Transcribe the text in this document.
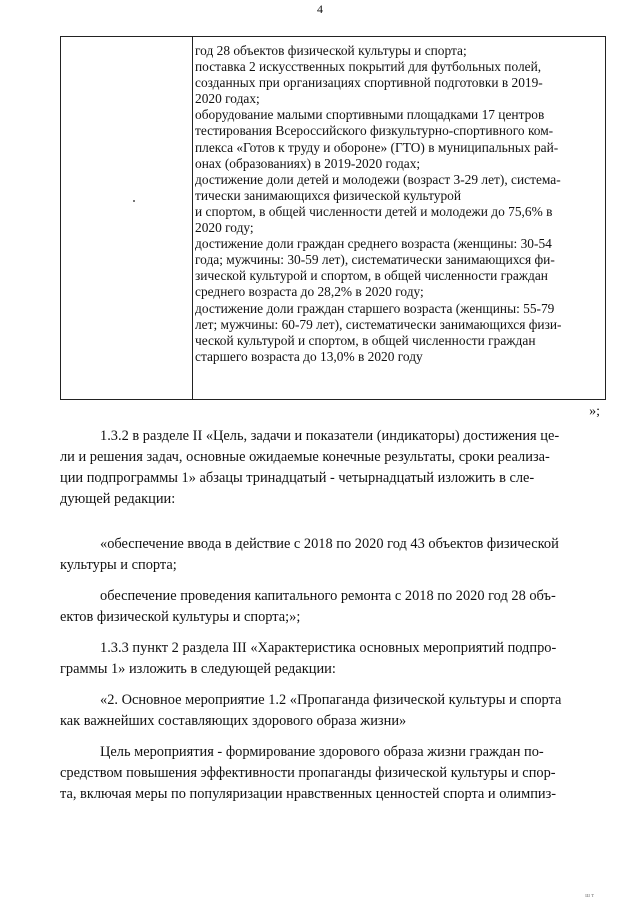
4
год 28 объектов физической культуры и спорта;
поставка 2 искусственных покрытий для футбольных полей,
созданных при организациях спортивной подготовки в 2019-
2020 годах;
оборудование малыми спортивными площадками 17 центров
тестирования Всероссийского физкультурно-спортивного ком-
плекса «Готов к труду и обороне» (ГТО) в муниципальных рай-
онах (образованиях) в 2019-2020 годах;
достижение доли детей и молодежи (возраст 3-29 лет), система-
тически занимающихся физической культурой
и спортом, в общей численности детей и молодежи до 75,6% в
2020 году;
достижение доли граждан среднего возраста (женщины: 30-54
года; мужчины: 30-59 лет), систематически занимающихся фи-
зической культурой и спортом, в общей численности граждан
среднего возраста до 28,2% в 2020 году;
достижение доли граждан старшего возраста (женщины: 55-79
лет; мужчины: 60-79 лет), систематически занимающихся физи-
ческой культурой и спортом, в общей численности граждан
старшего возраста до 13,0% в 2020 году
»;
1.3.2 в разделе II «Цель, задачи и показатели (индикаторы) достижения це-
ли и решения задач, основные ожидаемые конечные результаты, сроки реализа-
ции подпрограммы 1» абзацы тринадцатый - четырнадцатый изложить в сле-
дующей редакции:
«обеспечение ввода в действие с 2018 по 2020 год 43 объектов физической
культуры и спорта;
обеспечение проведения капитального ремонта с 2018 по 2020 год 28 объ-
ектов физической культуры и спорта;»;
1.3.3 пункт 2 раздела III «Характеристика основных мероприятий подпро-
граммы 1» изложить в следующей редакции:
«2. Основное мероприятие 1.2 «Пропаганда физической культуры и спорта
как важнейших составляющих здорового образа жизни»
Цель мероприятия - формирование здорового образа жизни граждан по-
средством повышения эффективности пропаганды физической культуры и спор-
та, включая меры по популяризации нравственных ценностей спорта и олимпиз-
ш т
